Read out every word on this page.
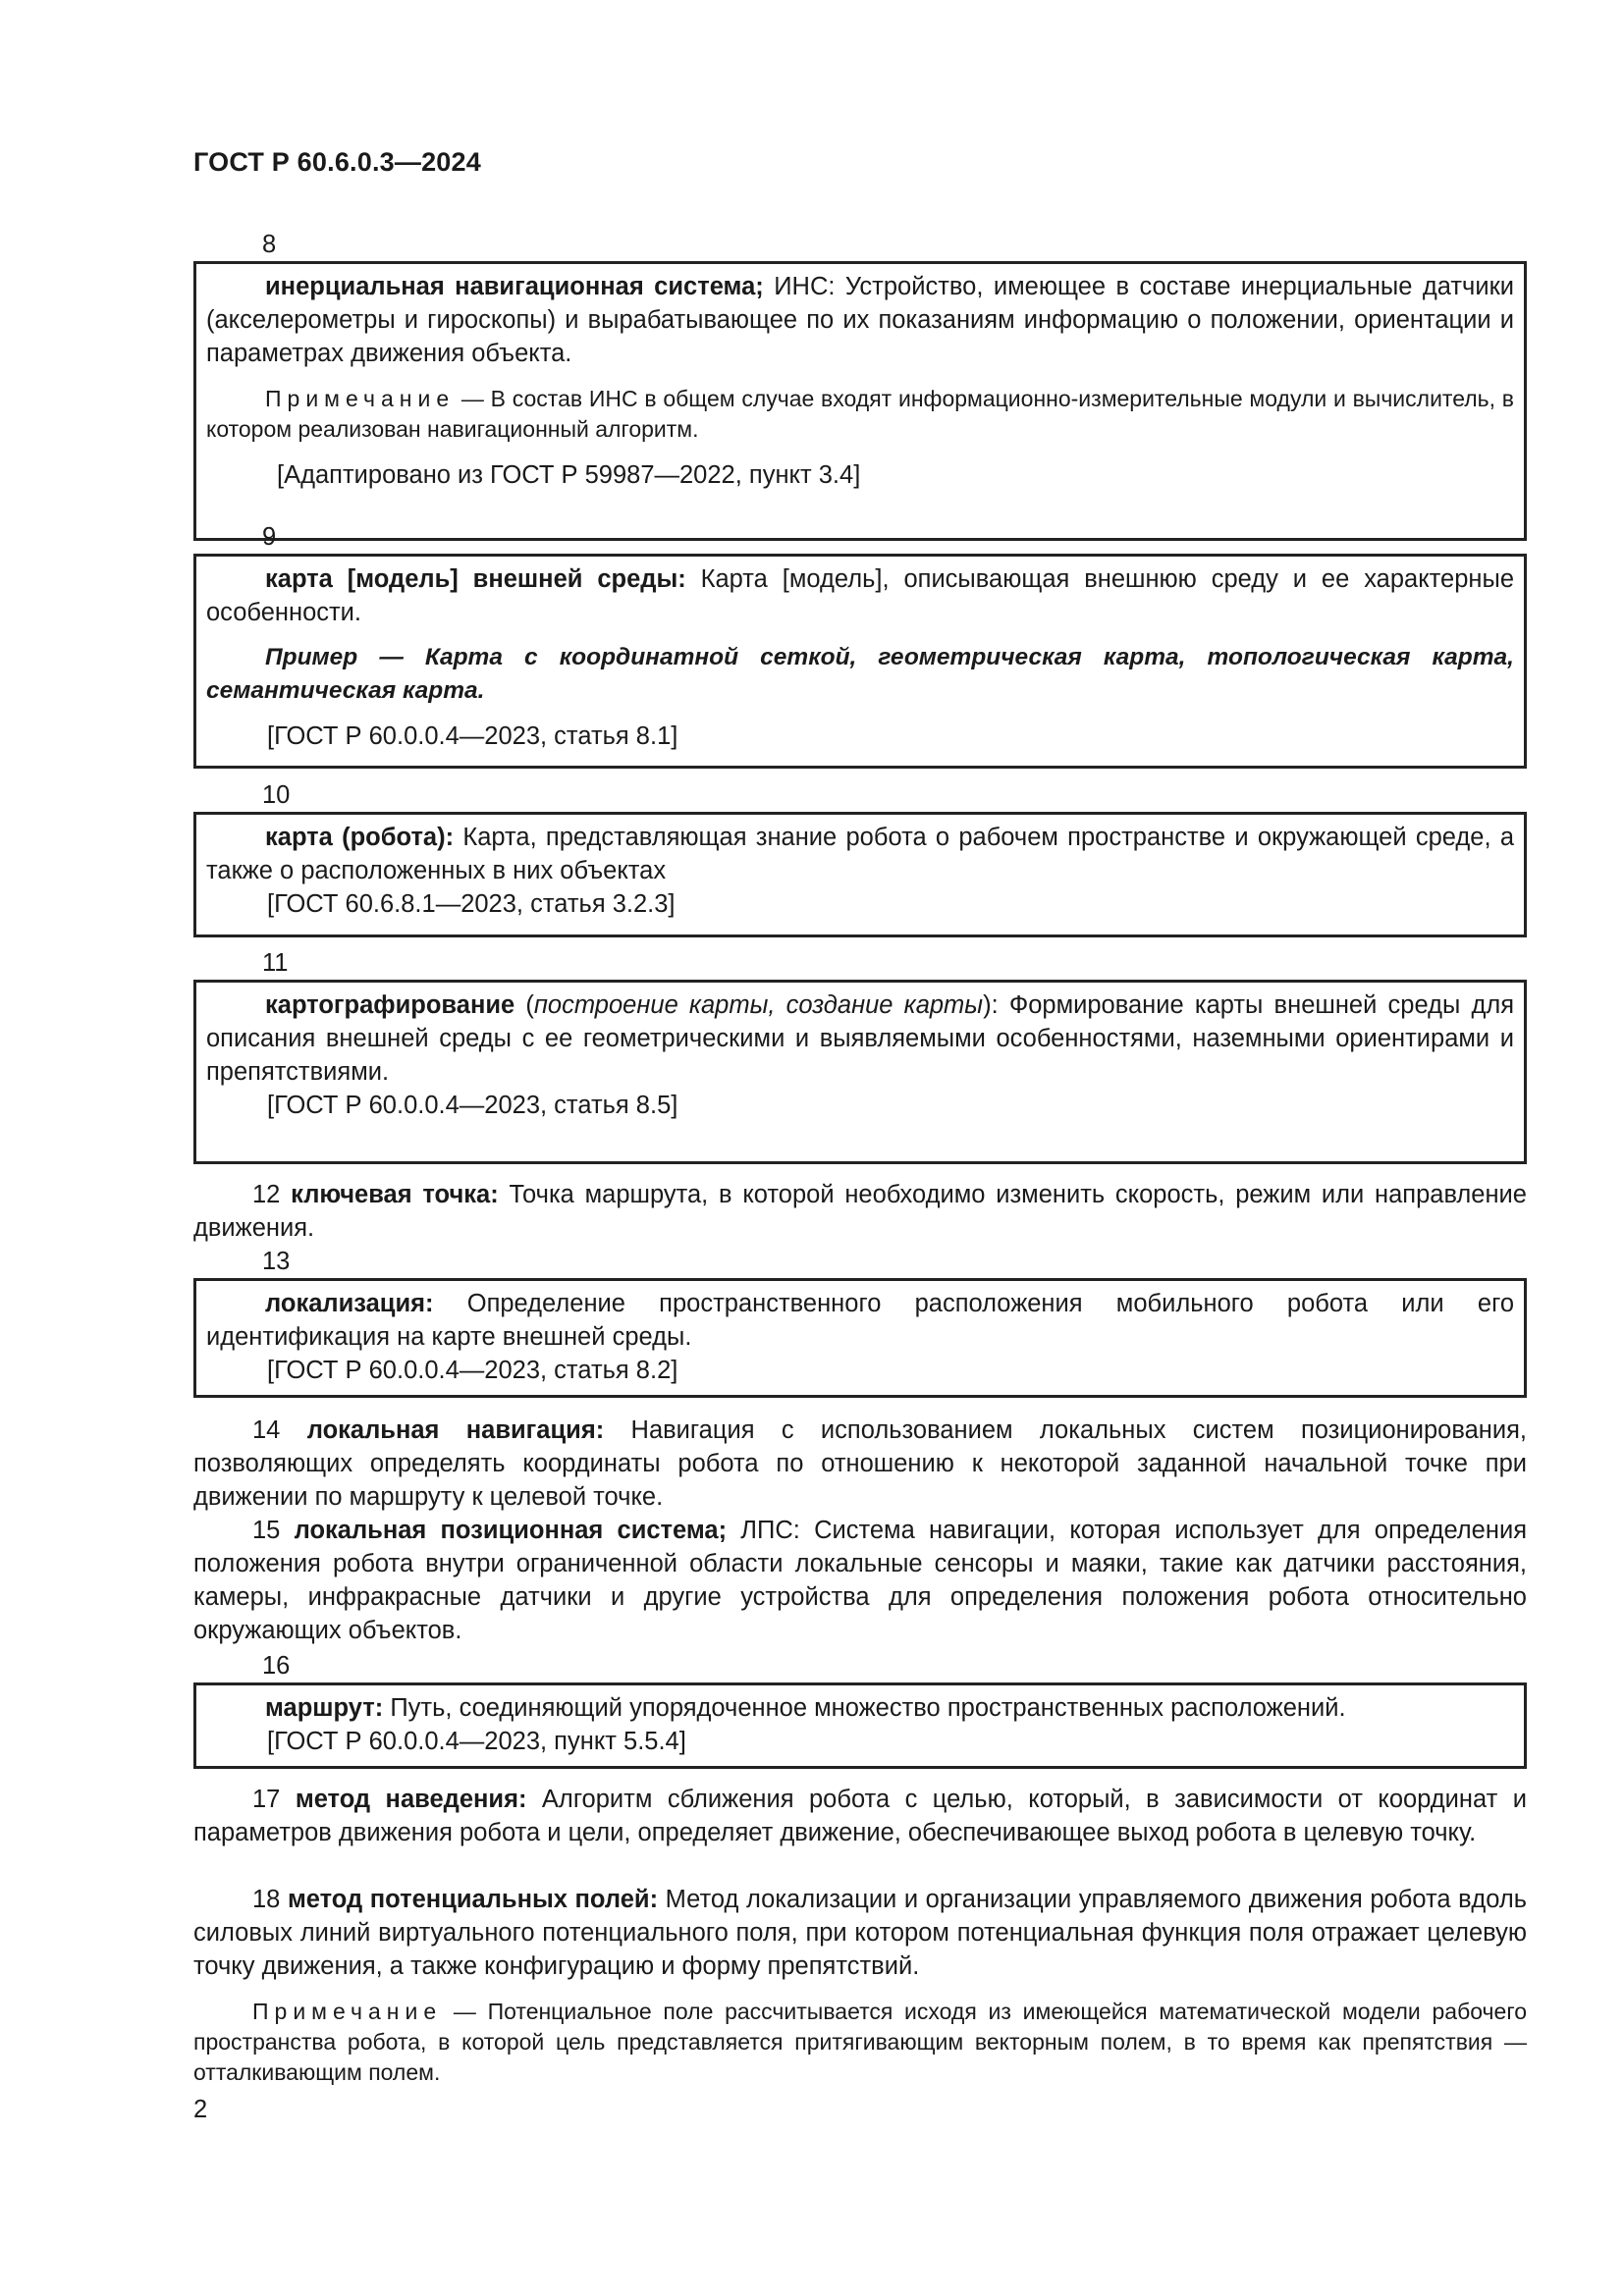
ГОСТ Р 60.6.0.3—2024
8
инерциальная навигационная система; ИНС: Устройство, имеющее в составе инерциальные датчики (акселерометры и гироскопы) и вырабатывающее по их показаниям информацию о положении, ориентации и параметрах движения объекта.
Примечание — В состав ИНС в общем случае входят информационно-измерительные модули и вычислитель, в котором реализован навигационный алгоритм.
[Адаптировано из ГОСТ Р 59987—2022, пункт 3.4]
9
карта [модель] внешней среды: Карта [модель], описывающая внешнюю среду и ее характерные особенности.
Пример — Карта с координатной сеткой, геометрическая карта, топологическая карта, семантическая карта.
[ГОСТ Р 60.0.0.4—2023, статья 8.1]
10
карта (робота): Карта, представляющая знание робота о рабочем пространстве и окружающей среде, а также о расположенных в них объектах
[ГОСТ 60.6.8.1—2023, статья 3.2.3]
11
картографирование (построение карты, создание карты): Формирование карты внешней среды для описания внешней среды с ее геометрическими и выявляемыми особенностями, наземными ориентирами и препятствиями.
[ГОСТ Р 60.0.0.4—2023, статья 8.5]
12 ключевая точка: Точка маршрута, в которой необходимо изменить скорость, режим или направление движения.
13
локализация: Определение пространственного расположения мобильного робота или его идентификация на карте внешней среды.
[ГОСТ Р 60.0.0.4—2023, статья 8.2]
14 локальная навигация: Навигация с использованием локальных систем позиционирования, позволяющих определять координаты робота по отношению к некоторой заданной начальной точке при движении по маршруту к целевой точке.
15 локальная позиционная система; ЛПС: Система навигации, которая использует для определения положения робота внутри ограниченной области локальные сенсоры и маяки, такие как датчики расстояния, камеры, инфракрасные датчики и другие устройства для определения положения робота относительно окружающих объектов.
16
маршрут: Путь, соединяющий упорядоченное множество пространственных расположений.
[ГОСТ Р 60.0.0.4—2023, пункт 5.5.4]
17 метод наведения: Алгоритм сближения робота с целью, который, в зависимости от координат и параметров движения робота и цели, определяет движение, обеспечивающее выход робота в целевую точку.
18 метод потенциальных полей: Метод локализации и организации управляемого движения робота вдоль силовых линий виртуального потенциального поля, при котором потенциальная функция поля отражает целевую точку движения, а также конфигурацию и форму препятствий.
Примечание — Потенциальное поле рассчитывается исходя из имеющейся математической модели рабочего пространства робота, в которой цель представляется притягивающим векторным полем, в то время как препятствия — отталкивающим полем.
2
